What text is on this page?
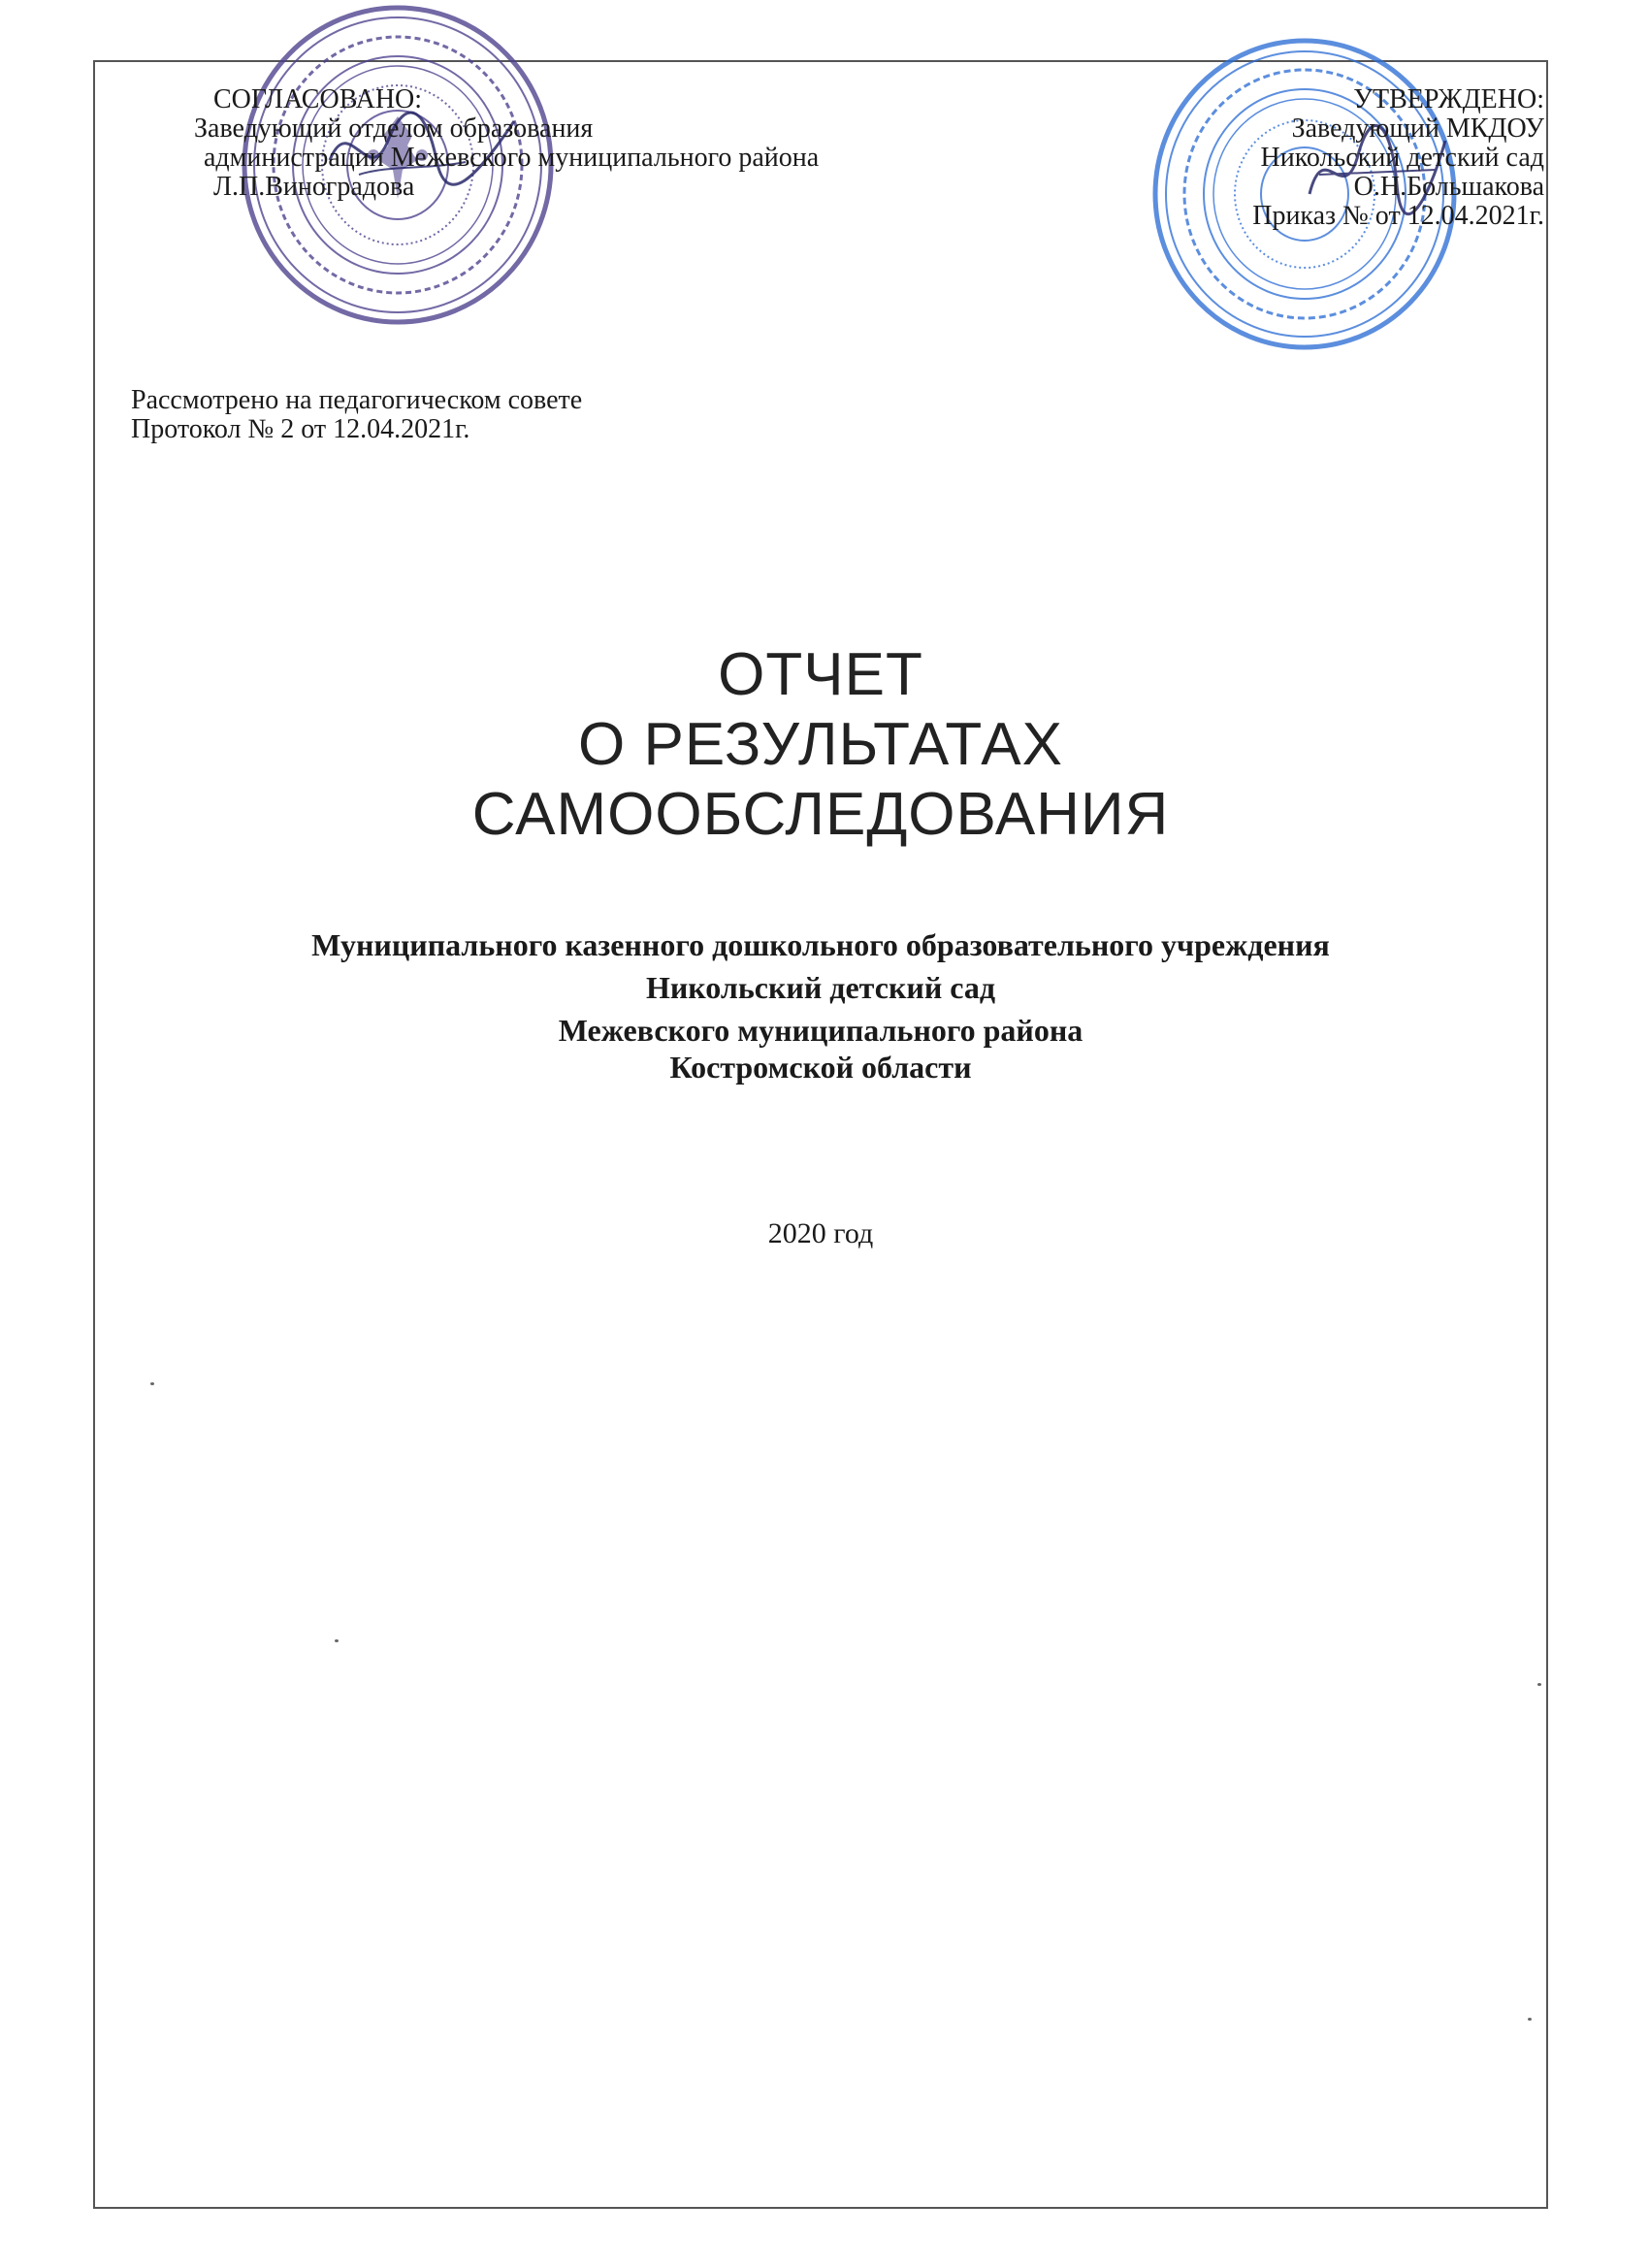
СОГЛАСОВАНО:
Заведующий отделом образования
администрации Межевского муниципального района
Л.П.Виноградова
УТВЕРЖДЕНО:
Заведующий МКДОУ
Никольский детский сад
О.Н.Большакова
Приказ № от 12.04.2021г.
Рассмотрено на педагогическом совете
Протокол № 2 от 12.04.2021г.
ОТЧЕТ
О РЕЗУЛЬТАТАХ
САМООБСЛЕДОВАНИЯ
Муниципального казенного дошкольного образовательного учреждения
Никольский детский сад
Межевского муниципального района
Костромской области
2020 год
